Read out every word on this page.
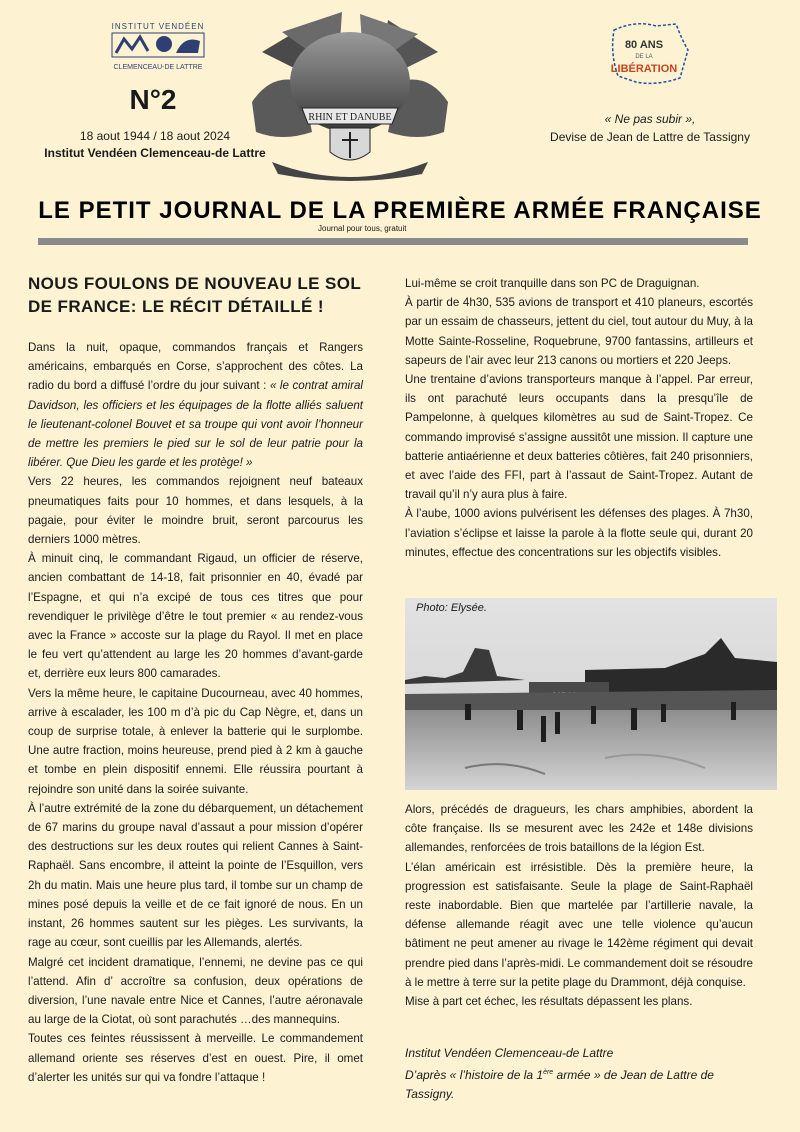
INSTITUT VENDÉEN
CLEMENCEAU-DE LATTRE
N°2
18 aout 1944 / 18 aout 2024
Institut Vendéen Clemenceau-de Lattre
RHIN ET DANUBE
80 ANS
DE LA
LIBÉRATION
« Ne pas subir »,
Devise de Jean de Lattre de Tassigny
LE PETIT JOURNAL DE LA PREMIÈRE ARMÉE FRANÇAISE
Journal pour tous, gratuit
NOUS FOULONS DE NOUVEAU LE SOL DE FRANCE: LE RÉCIT DÉTAILLÉ !

Dans la nuit, opaque, commandos français et Rangers américains, embarqués en Corse, s’approchent des côtes. La radio du bord a diffusé l’ordre du jour suivant : « le contrat amiral Davidson, les officiers et les équipages de la flotte alliés saluent le lieutenant-colonel Bouvet et sa troupe qui vont avoir l’honneur de mettre les premiers le pied sur le sol de leur patrie pour la libérer. Que Dieu les garde et les protège! »

Vers 22 heures, les commandos rejoignent neuf bateaux pneumatiques faits pour 10 hommes, et dans lesquels, à la pagaie, pour éviter le moindre bruit, seront parcourus les derniers 1000 mètres.

À minuit cinq, le commandant Rigaud, un officier de réserve, ancien combattant de 14-18, fait prisonnier en 40, évadé par l’Espagne, et qui n’a excipé de tous ces titres que pour revendiquer le privilège d’être le tout premier « au rendez-vous avec la France » accoste sur la plage du Rayol. Il met en place le feu vert qu’attendent au large les 20 hommes d’avant-garde et, derrière eux leurs 800 camarades.

Vers la même heure, le capitaine Ducourneau, avec 40 hommes, arrive à escalader, les 100 m d’à pic du Cap Nègre, et, dans un coup de surprise totale, à enlever la batterie qui le surplombe. Une autre fraction, moins heureuse, prend pied à 2 km à gauche et tombe en plein dispositif ennemi. Elle réussira pourtant à rejoindre son unité dans la soirée suivante.

À l’autre extrémité de la zone du débarquement, un détachement de 67 marins du groupe naval d’assaut a pour mission d’opérer des destructions sur les deux routes qui relient Cannes à Saint-Raphaël. Sans encombre, il atteint la pointe de l’Esquillon, vers 2h du matin. Mais une heure plus tard, il tombe sur un champ de mines posé depuis la veille et de ce fait ignoré de nous. En un instant, 26 hommes sautent sur les pièges. Les survivants, la rage au cœur, sont cueillis par les Allemands, alertés.

Malgré cet incident dramatique, l’ennemi, ne devine pas ce qui l’attend. Afin d’ accroître sa confusion, deux opérations de diversion, l’une navale entre Nice et Cannes, l’autre aéronavale au large de la Ciotat, où sont parachutés …des mannequins.

Toutes ces feintes réussissent à merveille. Le commandement allemand oriente ses réserves d’est en ouest. Pire, il omet d’alerter les unités sur qui va fondre l’attaque !

Lui-même se croit tranquille dans son PC de Draguignan.

À partir de 4h30, 535 avions de transport et 410 planeurs, escortés par un essaim de chasseurs, jettent du ciel, tout autour du Muy, à la Motte Sainte-Rosseline, Roquebrune, 9700 fantassins, artilleurs et sapeurs de l’air avec leur 213 canons ou mortiers et 220 Jeeps.

Une trentaine d’avions transporteurs manque à l’appel. Par erreur, ils ont parachuté leurs occupants dans la presqu’île de Pampelonne, à quelques kilomètres au sud de Saint-Tropez. Ce commando improvisé s’assigne aussitôt une mission. Il capture une batterie antiaérienne et deux batteries côtières, fait 240 prisonniers, et avec l’aide des FFI, part à l’assaut de Saint-Tropez. Autant de travail qu’il n’y aura plus à faire.

À l’aube, 1000 avions pulvérisent les défenses des plages. À 7h30, l’aviation s’éclipse et laisse la parole à la flotte seule qui, durant 20 minutes, effectue des concentrations sur les objectifs visibles.

Photo: Elysée.

Alors, précédés de dragueurs, les chars amphibies, abordent la côte française. Ils se mesurent avec les 242e et 148e divisions allemandes, renforcées de trois bataillons de la légion Est.

L’élan américain est irrésistible. Dès la première heure, la progression est satisfaisante. Seule la plage de Saint-Raphaël reste inabordable. Bien que martelée par l’artillerie navale, la défense allemande réagit avec une telle violence qu’aucun bâtiment ne peut amener au rivage le 142ème régiment qui devait prendre pied dans l’après-midi. Le commandement doit se résoudre à le mettre à terre sur la petite plage du Drammont, déjà conquise.

Mise à part cet échec, les résultats dépassent les plans.

Institut Vendéen Clemenceau-de Lattre
D’après « l’histoire de la 1ère armée » de Jean de Lattre de Tassigny.
